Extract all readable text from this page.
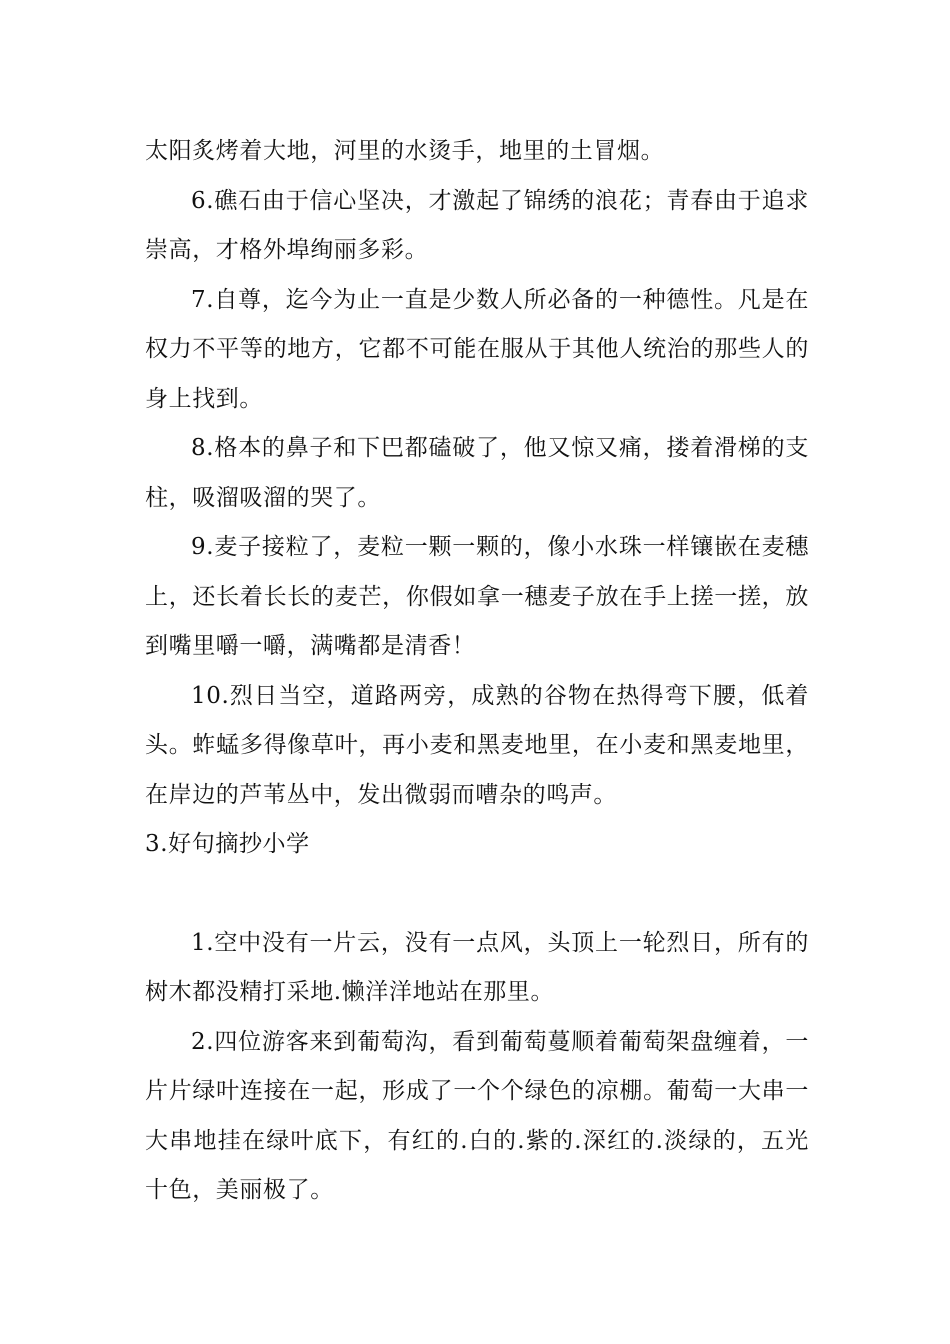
太阳炙烤着大地，河里的水烫手，地里的土冒烟。

6.礁石由于信心坚决，才激起了锦绣的浪花；青春由于追求崇高，才格外埠绚丽多彩。

7.自尊，迄今为止一直是少数人所必备的一种德性。凡是在权力不平等的地方，它都不可能在服从于其他人统治的那些人的身上找到。

8.格本的鼻子和下巴都磕破了，他又惊又痛，搂着滑梯的支柱，吸溜吸溜的哭了。

9.麦子接粒了，麦粒一颗一颗的，像小水珠一样镶嵌在麦穗上，还长着长长的麦芒，你假如拿一穗麦子放在手上搓一搓，放到嘴里嚼一嚼，满嘴都是清香！

10.烈日当空，道路两旁，成熟的谷物在热得弯下腰，低着头。蚱蜢多得像草叶，再小麦和黑麦地里，在小麦和黑麦地里，在岸边的芦苇丛中，发出微弱而嘈杂的鸣声。

3.好句摘抄小学

1.空中没有一片云，没有一点风，头顶上一轮烈日，所有的树木都没精打采地.懒洋洋地站在那里。

2.四位游客来到葡萄沟，看到葡萄蔓顺着葡萄架盘缠着，一片片绿叶连接在一起，形成了一个个绿色的凉棚。葡萄一大串一大串地挂在绿叶底下，有红的.白的.紫的.深红的.淡绿的，五光十色，美丽极了。
